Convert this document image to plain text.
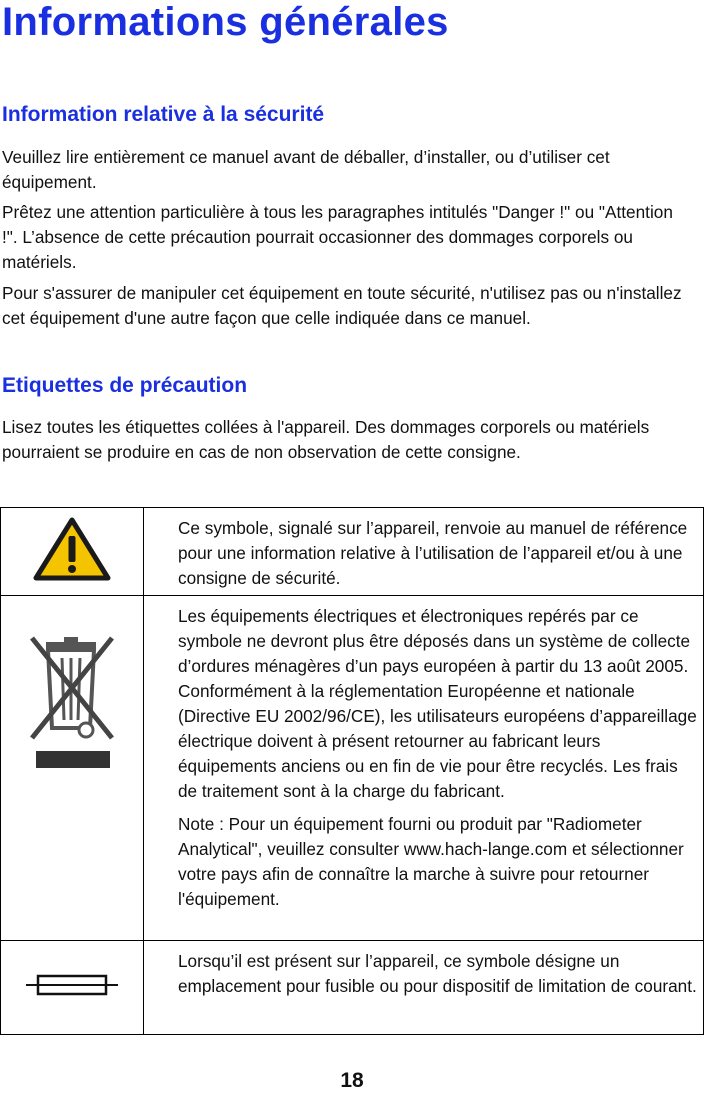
Informations générales
Information relative à la sécurité

Veuillez lire entièrement ce manuel avant de déballer, d’installer, ou d’utiliser cet équipement.

Prêtez une attention particulière à tous les paragraphes intitulés "Danger !" ou "Attention !". L’absence de cette précaution pourrait occasionner des dommages corporels ou matériels.

Pour s'assurer de manipuler cet équipement en toute sécurité, n'utilisez pas ou n'installez cet équipement d'une autre façon que celle indiquée dans ce manuel.

Etiquettes de précaution

Lisez toutes les étiquettes collées à l'appareil. Des dommages corporels ou matériels pourraient se produire en cas de non observation de cette consigne.

Ce symbole, signalé sur l’appareil, renvoie au manuel de référence pour une information relative à l’utilisation de l’appareil et/ou à une consigne de sécurité.

Les équipements électriques et électroniques repérés par ce symbole ne devront plus être déposés dans un système de collecte d’ordures ménagères d’un pays européen à partir du 13 août 2005. Conformément à la réglementation Européenne et nationale (Directive EU 2002/96/CE), les utilisateurs européens d’appareillage électrique doivent à présent retourner au fabricant leurs équipements anciens ou en fin de vie pour être recyclés. Les frais de traitement sont à la charge du fabricant.

Note : Pour un équipement fourni ou produit par "Radiometer Analytical", veuillez consulter www.hach-lange.com et sélectionner votre pays afin de connaître la marche à suivre pour retourner l'équipement.

Lorsqu’il est présent sur l’appareil, ce symbole désigne un emplacement pour fusible ou pour dispositif de limitation de courant.

18
